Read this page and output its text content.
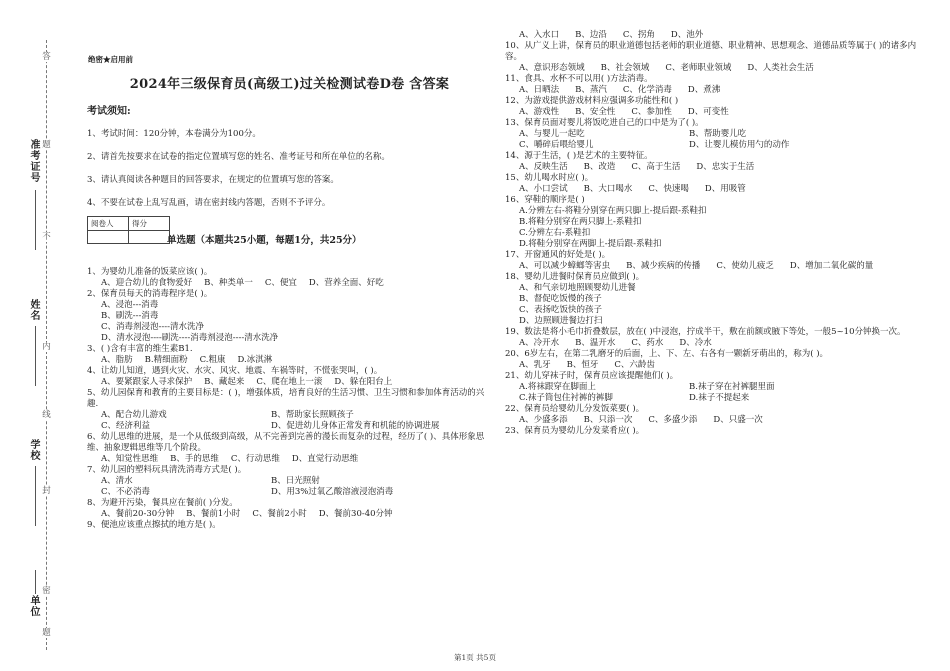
答
题
不
内
线
封
密
题
准考证号
姓名
学校
单位
绝密★启用前
2024年三级保育员(高级工)过关检测试卷D卷 含答案
考试须知:
1、考试时间：120分钟，本卷满分为100分。
2、请首先按要求在试卷的指定位置填写您的姓名、准考证号和所在单位的名称。
3、请认真阅读各种题目的回答要求，在规定的位置填写您的答案。
4、不要在试卷上乱写乱画，请在密封线内答题，否则不予评分。
阅卷人	得分

单选题（本题共25小题，每题1分，共25分）
1、为婴幼儿准备的饭菜应该( )。
A、迎合幼儿的食物爱好 B、种类单一 C、便宜 D、营养全面、好吃
2、保育员每天的消毒程序是( )。
A、浸泡---消毒
B、刷洗---消毒
C、消毒剂浸泡----清水洗净
D、清水浸泡----刷洗----消毒剂浸泡----清水洗净
3、( )含有丰富的维生素B1.
A、脂肪 B.精细面粉 C.粗康 D.冰淇淋
4、让幼儿知道，遇到火灾、水灾、风灾、地震、车祸等时，不慌张哭叫，( )。
A、要紧跟家人寻求保护 B、藏起来 C、爬在地上一滚 D、躲在阳台上
5、幼儿园保育和教育的主要目标是：( )，增强体质，培育良好的生活习惯、卫生习惯和参加体育活动的兴趣.
A、配合幼儿游戏	B、帮助家长照顾孩子
C、经济利益	D、促进幼儿身体正常发育和机能的协调进展
6、幼儿思维的进展，是一个从低级到高级，从不完善到完善的漫长而复杂的过程，经历了( )、具体形象思维、抽象逻辑思维等几个阶段。
A、知觉性思维 B、手的思维 C、行动思维 D、直觉行动思维
7、幼儿园的塑料玩具清洗消毒方式是( )。
A、清水	B、日光照射
C、不必消毒	D、用3%过氧乙酸溶液浸泡消毒
8、为避开污染，餐具应在餐前( )分发。
A、餐前20-30分钟 B、餐前1小时 C、餐前2小时 D、餐前30-40分钟
9、便池应该重点擦拭的地方是( )。
A、入水口 B、边沿 C、拐角 D、池外
10、从广义上讲，保育员的职业道德包括老师的职业道德、职业精神、思想观念、道德品质等属于( )的诸多内容。
A、意识形态领域 B、社会领域 C、老师职业领域 D、人类社会生活
11、食具、水杯不可以用( )方法消毒。
A、日晒法 B、蒸汽 C、化学消毒 D、煮沸
12、为游戏提供游戏材料应强调多功能性和( )
A、游戏性 B、安全性 C、参加性 D、可变性
13、保育员面对婴儿将饭吃进自己的口中是为了( )。
A、与婴儿一起吃	B、帮助婴儿吃
C、嚼碎后喂给婴儿	D、让婴儿模仿用勺的动作
14、源于生活，( )是艺术的主要特征。
A、反映生活 B、改造 C、高于生活 D、忠实于生活
15、幼儿喝水时应( )。
A、小口尝试 B、大口喝水 C、快速喝 D、用吸管
16、穿鞋的顺序是( )
A.分辨左右-将鞋分别穿在两只脚上-提后跟-系鞋扣
B.将鞋分别穿在两只脚上-系鞋扣
C.分辨左右-系鞋扣
D.将鞋分别穿在两脚上-提后跟-系鞋扣
17、开窗通风的好处是( )。
A、可以减少蟑螂等害虫 B、减少疾病的传播 C、使幼儿疲乏 D、增加二氧化碳的量
18、婴幼儿进餐时保育员应做到( )。
A、和气亲切地照顾婴幼儿进餐
B、督促吃饭慢的孩子
C、表扬吃饭快的孩子
D、边照顾进餐边打扫
19、数法是将小毛巾折叠数层，放在( )中浸泡，拧成半干，敷在前额或腋下等处，一般5~10分钟换一次。
A、冷开水 B、温开水 C、药水 D、冷水
20、6岁左右，在第二乳磨牙的后面，上、下、左、右各有一颗新牙萌出的，称为( )。
A、乳牙 B、恒牙 C、六龄齿
21、幼儿穿袜子时，保育员应该提醒他们( )。
A.将袜跟穿在脚面上	B.袜子穿在衬裤腿里面
C.袜子筒包住衬裤的裤脚	D.袜子不提起来
22、保育员给婴幼儿分发饭菜要( )。
A、少盛多添 B、只添一次 C、多盛少添 D、只盛一次
23、保育员为婴幼儿分发菜肴应( )。
第1页 共5页
